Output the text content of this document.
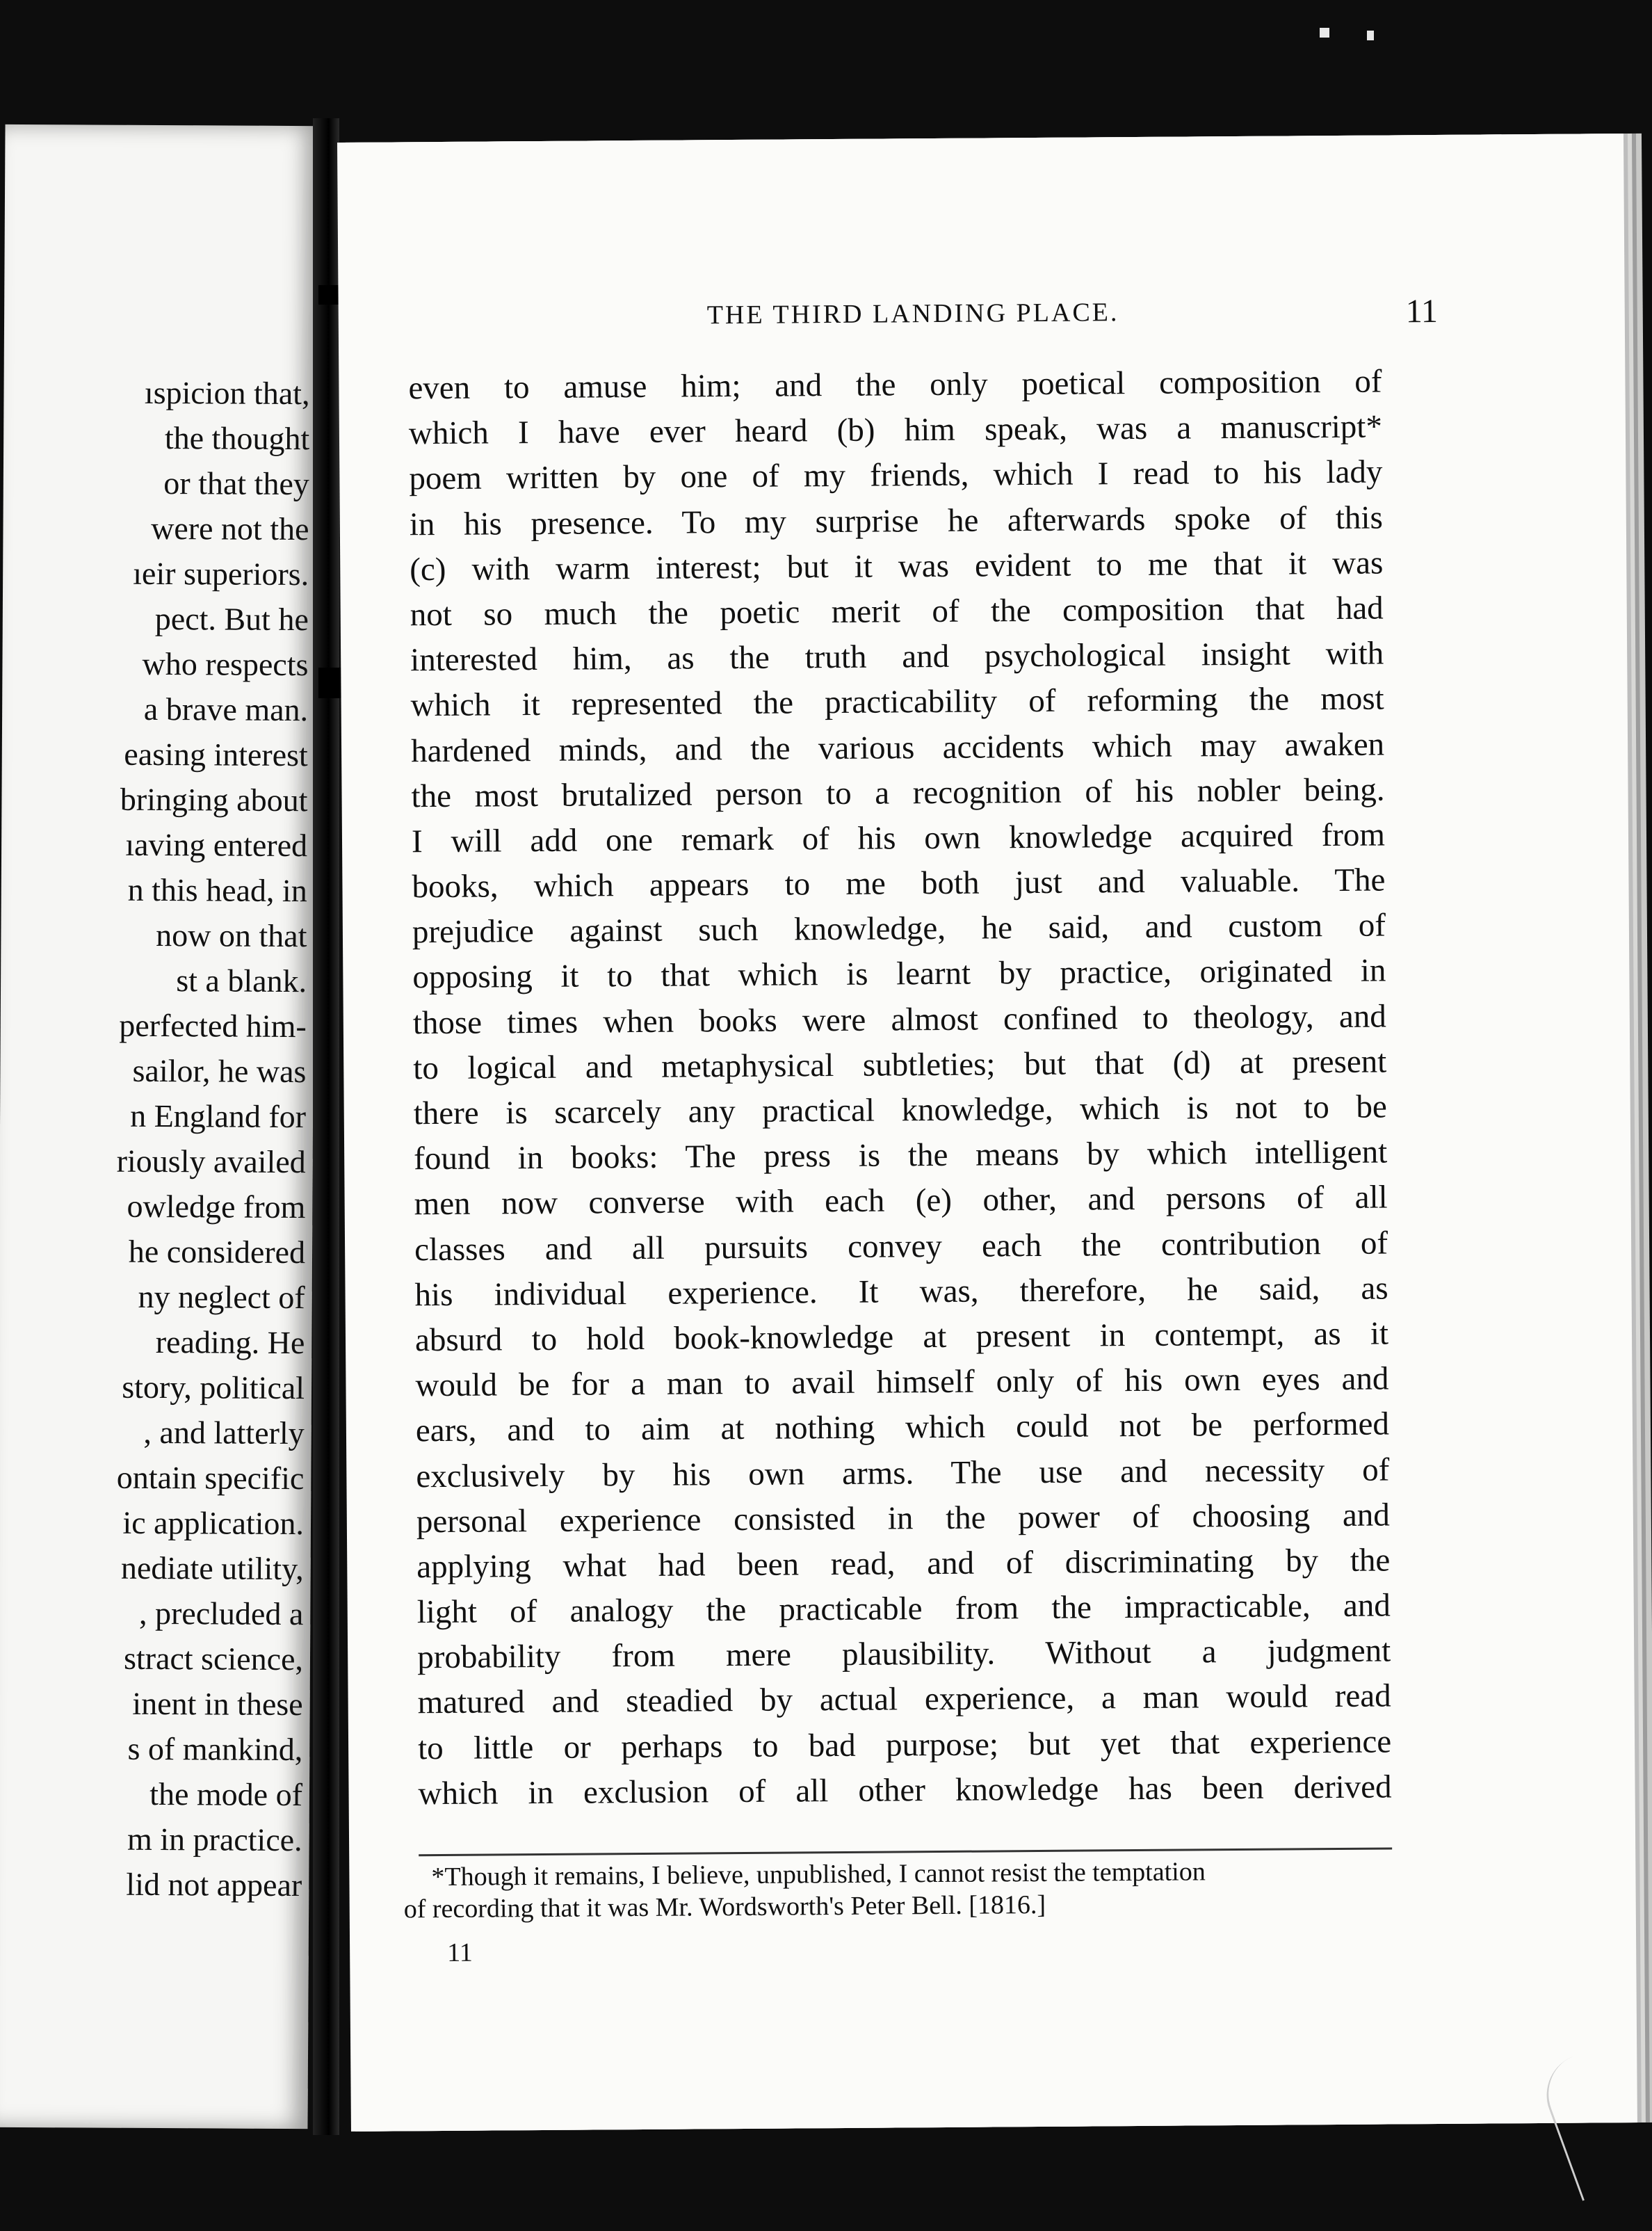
ıspicion that,
the thought
or that they
were not the
ıeir superiors.
pect. But he
who respects
a brave man.
easing interest
bringing about
ıaving entered
n this head, in
now on that
st a blank.
perfected him-
sailor, he was
n England for
riously availed
owledge from
he considered
ny neglect of
reading. He
story, political
, and latterly
ontain specific
ic application.
nediate utility,
, precluded a
stract science,
inent in these
s of mankind,
the mode of
m in practice.
lid not appear
THE THIRD LANDING PLACE.	11
even to amuse him; and the only poetical composition of
which I have ever heard (b) him speak, was a manuscript*
poem written by one of my friends, which I read to his lady
in his presence. To my surprise he afterwards spoke of this
(c) with warm interest; but it was evident to me that it was
not so much the poetic merit of the composition that had
interested him, as the truth and psychological insight with
which it represented the practicability of reforming the most
hardened minds, and the various accidents which may awaken
the most brutalized person to a recognition of his nobler being.
I will add one remark of his own knowledge acquired from
books, which appears to me both just and valuable. The
prejudice against such knowledge, he said, and custom of
opposing it to that which is learnt by practice, originated in
those times when books were almost confined to theology, and
to logical and metaphysical subtleties; but that (d) at present
there is scarcely any practical knowledge, which is not to be
found in books: The press is the means by which intelligent
men now converse with each (e) other, and persons of all
classes and all pursuits convey each the contribution of
his individual experience. It was, therefore, he said, as
absurd to hold book-knowledge at present in contempt, as it
would be for a man to avail himself only of his own eyes and
ears, and to aim at nothing which could not be performed
exclusively by his own arms. The use and necessity of
personal experience consisted in the power of choosing and
applying what had been read, and of discriminating by the
light of analogy the practicable from the impracticable, and
probability from mere plausibility. Without a judgment
matured and steadied by actual experience, a man would read
to little or perhaps to bad purpose; but yet that experience
which in exclusion of all other knowledge has been derived
*Though it remains, I believe, unpublished, I cannot resist the temptation
of recording that it was Mr. Wordsworth's Peter Bell. [1816.]
11
